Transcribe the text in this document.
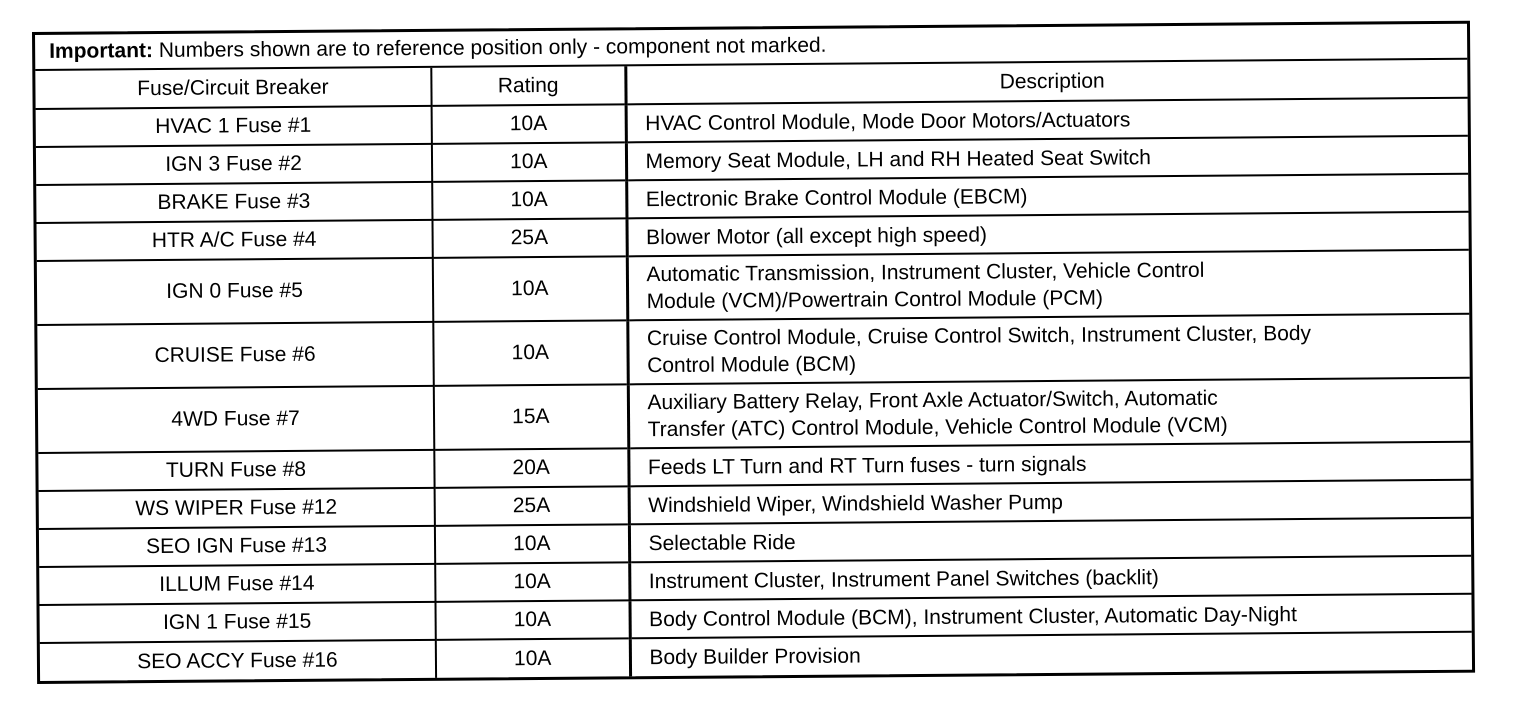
Important: Numbers shown are to reference position only - component not marked.
Fuse/Circuit Breaker	Rating	Description
HVAC 1 Fuse #1	10A	HVAC Control Module, Mode Door Motors/Actuators
IGN 3 Fuse #2	10A	Memory Seat Module, LH and RH Heated Seat Switch
BRAKE Fuse #3	10A	Electronic Brake Control Module (EBCM)
HTR A/C Fuse #4	25A	Blower Motor (all except high speed)
IGN 0 Fuse #5	10A	Automatic Transmission, Instrument Cluster, Vehicle Control
Module (VCM)/Powertrain Control Module (PCM)
CRUISE Fuse #6	10A	Cruise Control Module, Cruise Control Switch, Instrument Cluster, Body
Control Module (BCM)
4WD Fuse #7	15A	Auxiliary Battery Relay, Front Axle Actuator/Switch, Automatic
Transfer (ATC) Control Module, Vehicle Control Module (VCM)
TURN Fuse #8	20A	Feeds LT Turn and RT Turn fuses - turn signals
WS WIPER Fuse #12	25A	Windshield Wiper, Windshield Washer Pump
SEO IGN Fuse #13	10A	Selectable Ride
ILLUM Fuse #14	10A	Instrument Cluster, Instrument Panel Switches (backlit)
IGN 1 Fuse #15	10A	Body Control Module (BCM), Instrument Cluster, Automatic Day-Night
SEO ACCY Fuse #16	10A	Body Builder Provision
